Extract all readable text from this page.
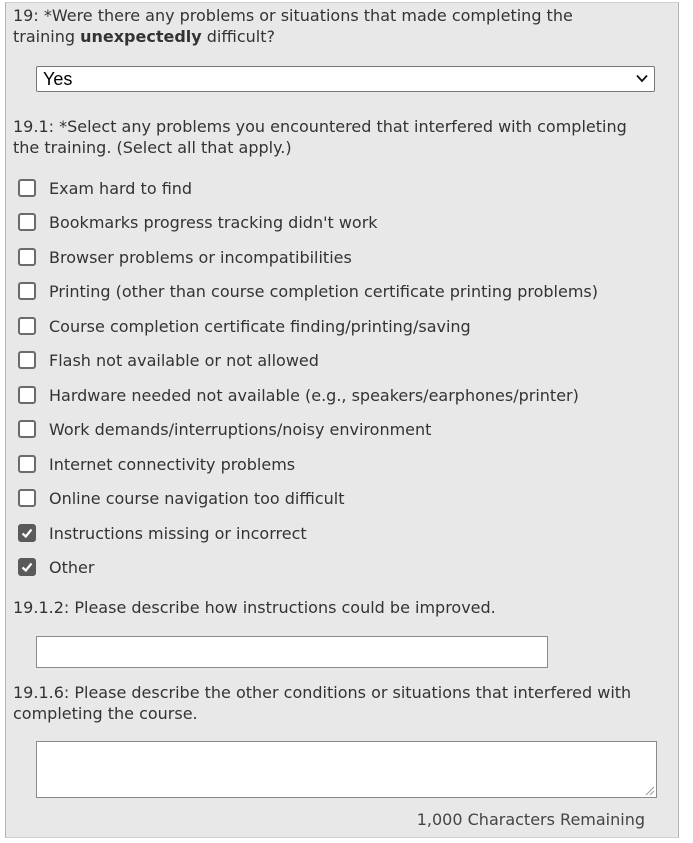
19: *Were there any problems or situations that made completing the
training unexpectedly difficult?
Yes
19.1: *Select any problems you encountered that interfered with completing
the training. (Select all that apply.)
Exam hard to find
Bookmarks progress tracking didn't work
Browser problems or incompatibilities
Printing (other than course completion certificate printing problems)
Course completion certificate finding/printing/saving
Flash not available or not allowed
Hardware needed not available (e.g., speakers/earphones/printer)
Work demands/interruptions/noisy environment
Internet connectivity problems
Online course navigation too difficult
Instructions missing or incorrect
Other
19.1.2: Please describe how instructions could be improved.
19.1.6: Please describe the other conditions or situations that interfered with
completing the course.
1,000 Characters Remaining
